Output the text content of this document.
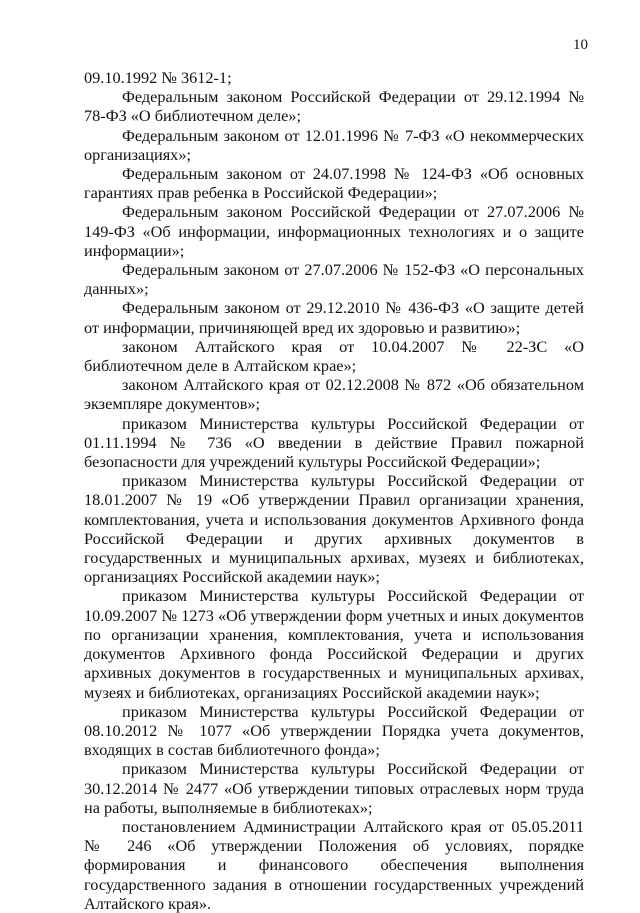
10

09.10.1992 № 3612-1;

Федеральным законом Российской Федерации от 29.12.1994 № 78-ФЗ «О библиотечном деле»;

Федеральным законом от 12.01.1996 № 7-ФЗ «О некоммерческих организациях»;

Федеральным законом от 24.07.1998 № 124-ФЗ «Об основных гарантиях прав ребенка в Российской Федерации»;

Федеральным законом Российской Федерации от 27.07.2006 № 149-ФЗ «Об информации, информационных технологиях и о защите информации»;

Федеральным законом от 27.07.2006 № 152-ФЗ «О персональных данных»;

Федеральным законом от 29.12.2010 № 436-ФЗ «О защите детей от информации, причиняющей вред их здоровью и развитию»;

законом Алтайского края от 10.04.2007 № 22-ЗС «О библиотечном деле в Алтайском крае»;

законом Алтайского края от 02.12.2008 № 872 «Об обязательном экземпляре документов»;

приказом Министерства культуры Российской Федерации от 01.11.1994 № 736 «О введении в действие Правил пожарной безопасности для учреждений культуры Российской Федерации»;

приказом Министерства культуры Российской Федерации от 18.01.2007 № 19 «Об утверждении Правил организации хранения, комплектования, учета и использования документов Архивного фонда Российской Федерации и других архивных документов в государственных и муниципальных архивах, музеях и библиотеках, организациях Российской академии наук»;

приказом Министерства культуры Российской Федерации от 10.09.2007 № 1273 «Об утверждении форм учетных и иных документов по организации хранения, комплектования, учета и использования документов Архивного фонда Российской Федерации и других архивных документов в государственных и муниципальных архивах, музеях и библиотеках, организациях Российской академии наук»;

приказом Министерства культуры Российской Федерации от 08.10.2012 № 1077 «Об утверждении Порядка учета документов, входящих в состав библиотечного фонда»;

приказом Министерства культуры Российской Федерации от 30.12.2014 № 2477 «Об утверждении типовых отраслевых норм труда на работы, выполняемые в библиотеках»;

постановлением Администрации Алтайского края от 05.05.2011 № 246 «Об утверждении Положения об условиях, порядке формирования и финансового обеспечения выполнения государственного задания в отношении государственных учреждений Алтайского края».
